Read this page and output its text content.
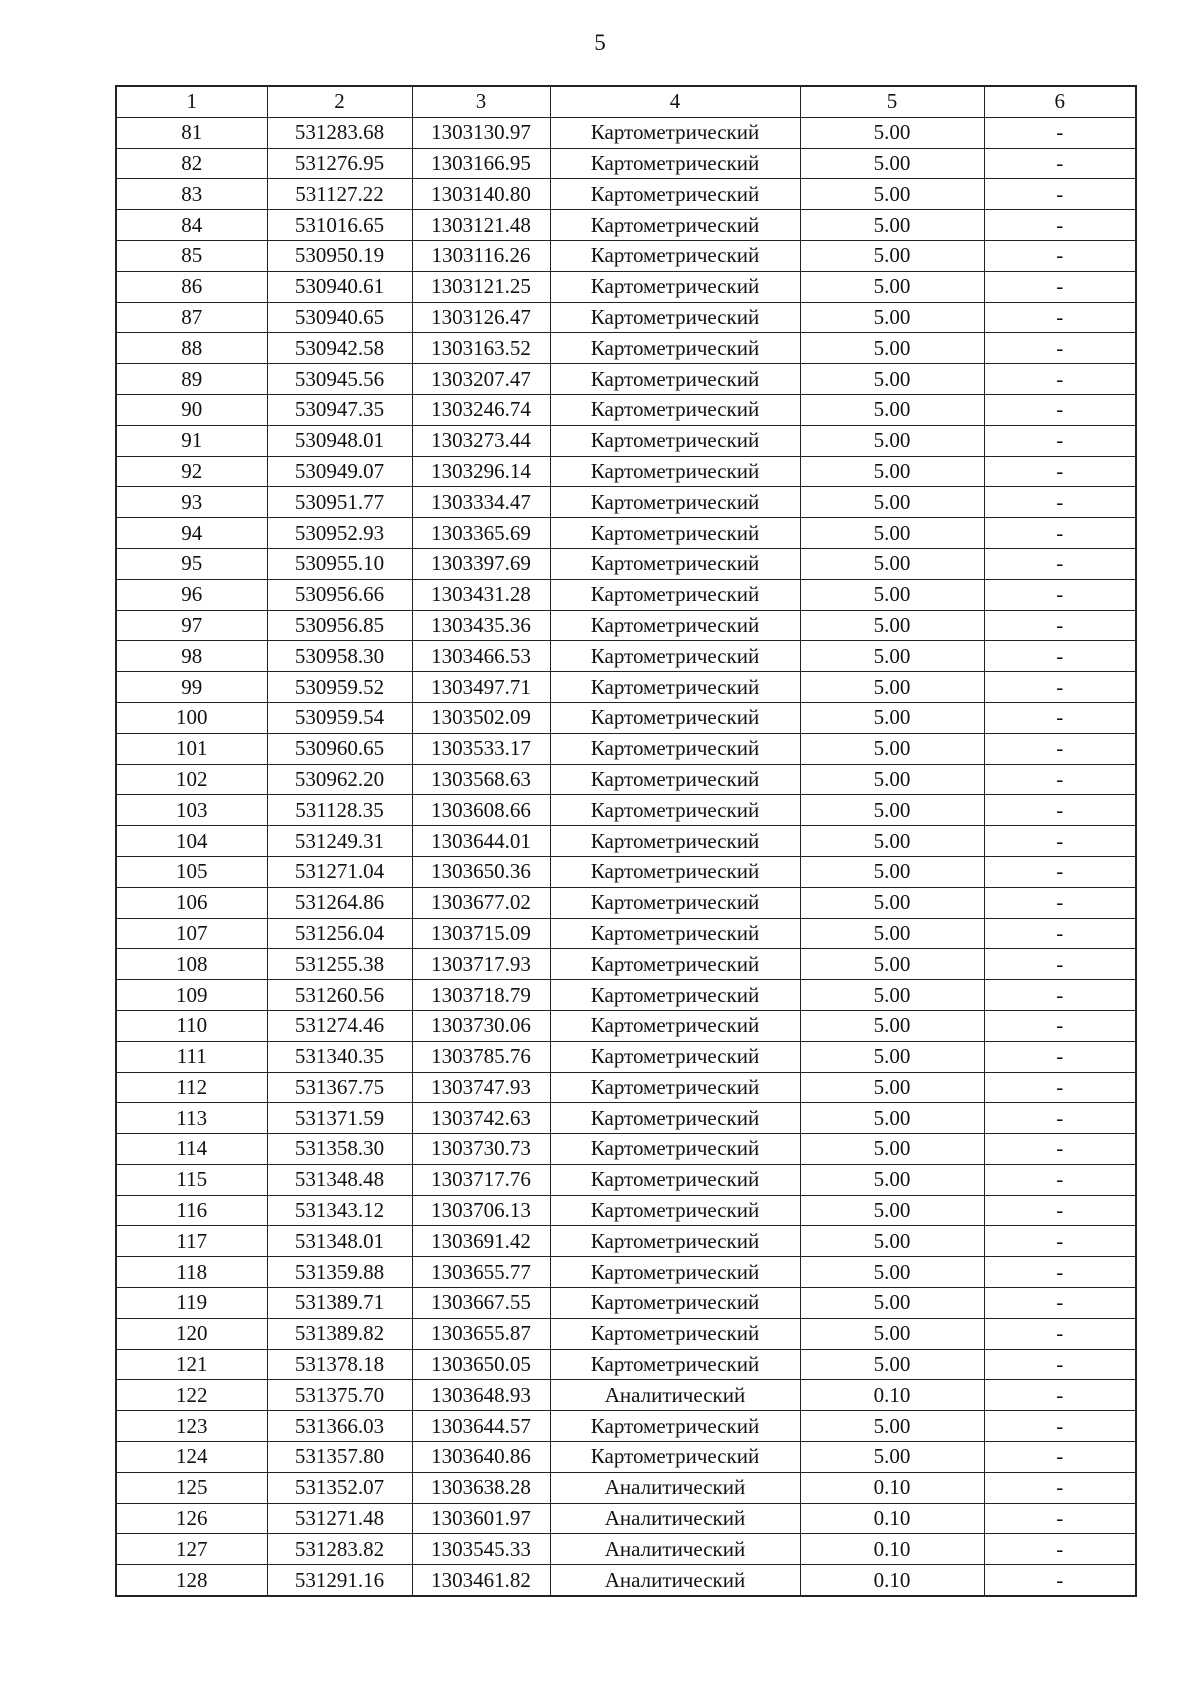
5
1	2	3	4	5	6
81	531283.68	1303130.97	Картометрический	5.00	-
82	531276.95	1303166.95	Картометрический	5.00	-
83	531127.22	1303140.80	Картометрический	5.00	-
84	531016.65	1303121.48	Картометрический	5.00	-
85	530950.19	1303116.26	Картометрический	5.00	-
86	530940.61	1303121.25	Картометрический	5.00	-
87	530940.65	1303126.47	Картометрический	5.00	-
88	530942.58	1303163.52	Картометрический	5.00	-
89	530945.56	1303207.47	Картометрический	5.00	-
90	530947.35	1303246.74	Картометрический	5.00	-
91	530948.01	1303273.44	Картометрический	5.00	-
92	530949.07	1303296.14	Картометрический	5.00	-
93	530951.77	1303334.47	Картометрический	5.00	-
94	530952.93	1303365.69	Картометрический	5.00	-
95	530955.10	1303397.69	Картометрический	5.00	-
96	530956.66	1303431.28	Картометрический	5.00	-
97	530956.85	1303435.36	Картометрический	5.00	-
98	530958.30	1303466.53	Картометрический	5.00	-
99	530959.52	1303497.71	Картометрический	5.00	-
100	530959.54	1303502.09	Картометрический	5.00	-
101	530960.65	1303533.17	Картометрический	5.00	-
102	530962.20	1303568.63	Картометрический	5.00	-
103	531128.35	1303608.66	Картометрический	5.00	-
104	531249.31	1303644.01	Картометрический	5.00	-
105	531271.04	1303650.36	Картометрический	5.00	-
106	531264.86	1303677.02	Картометрический	5.00	-
107	531256.04	1303715.09	Картометрический	5.00	-
108	531255.38	1303717.93	Картометрический	5.00	-
109	531260.56	1303718.79	Картометрический	5.00	-
110	531274.46	1303730.06	Картометрический	5.00	-
111	531340.35	1303785.76	Картометрический	5.00	-
112	531367.75	1303747.93	Картометрический	5.00	-
113	531371.59	1303742.63	Картометрический	5.00	-
114	531358.30	1303730.73	Картометрический	5.00	-
115	531348.48	1303717.76	Картометрический	5.00	-
116	531343.12	1303706.13	Картометрический	5.00	-
117	531348.01	1303691.42	Картометрический	5.00	-
118	531359.88	1303655.77	Картометрический	5.00	-
119	531389.71	1303667.55	Картометрический	5.00	-
120	531389.82	1303655.87	Картометрический	5.00	-
121	531378.18	1303650.05	Картометрический	5.00	-
122	531375.70	1303648.93	Аналитический	0.10	-
123	531366.03	1303644.57	Картометрический	5.00	-
124	531357.80	1303640.86	Картометрический	5.00	-
125	531352.07	1303638.28	Аналитический	0.10	-
126	531271.48	1303601.97	Аналитический	0.10	-
127	531283.82	1303545.33	Аналитический	0.10	-
128	531291.16	1303461.82	Аналитический	0.10	-
